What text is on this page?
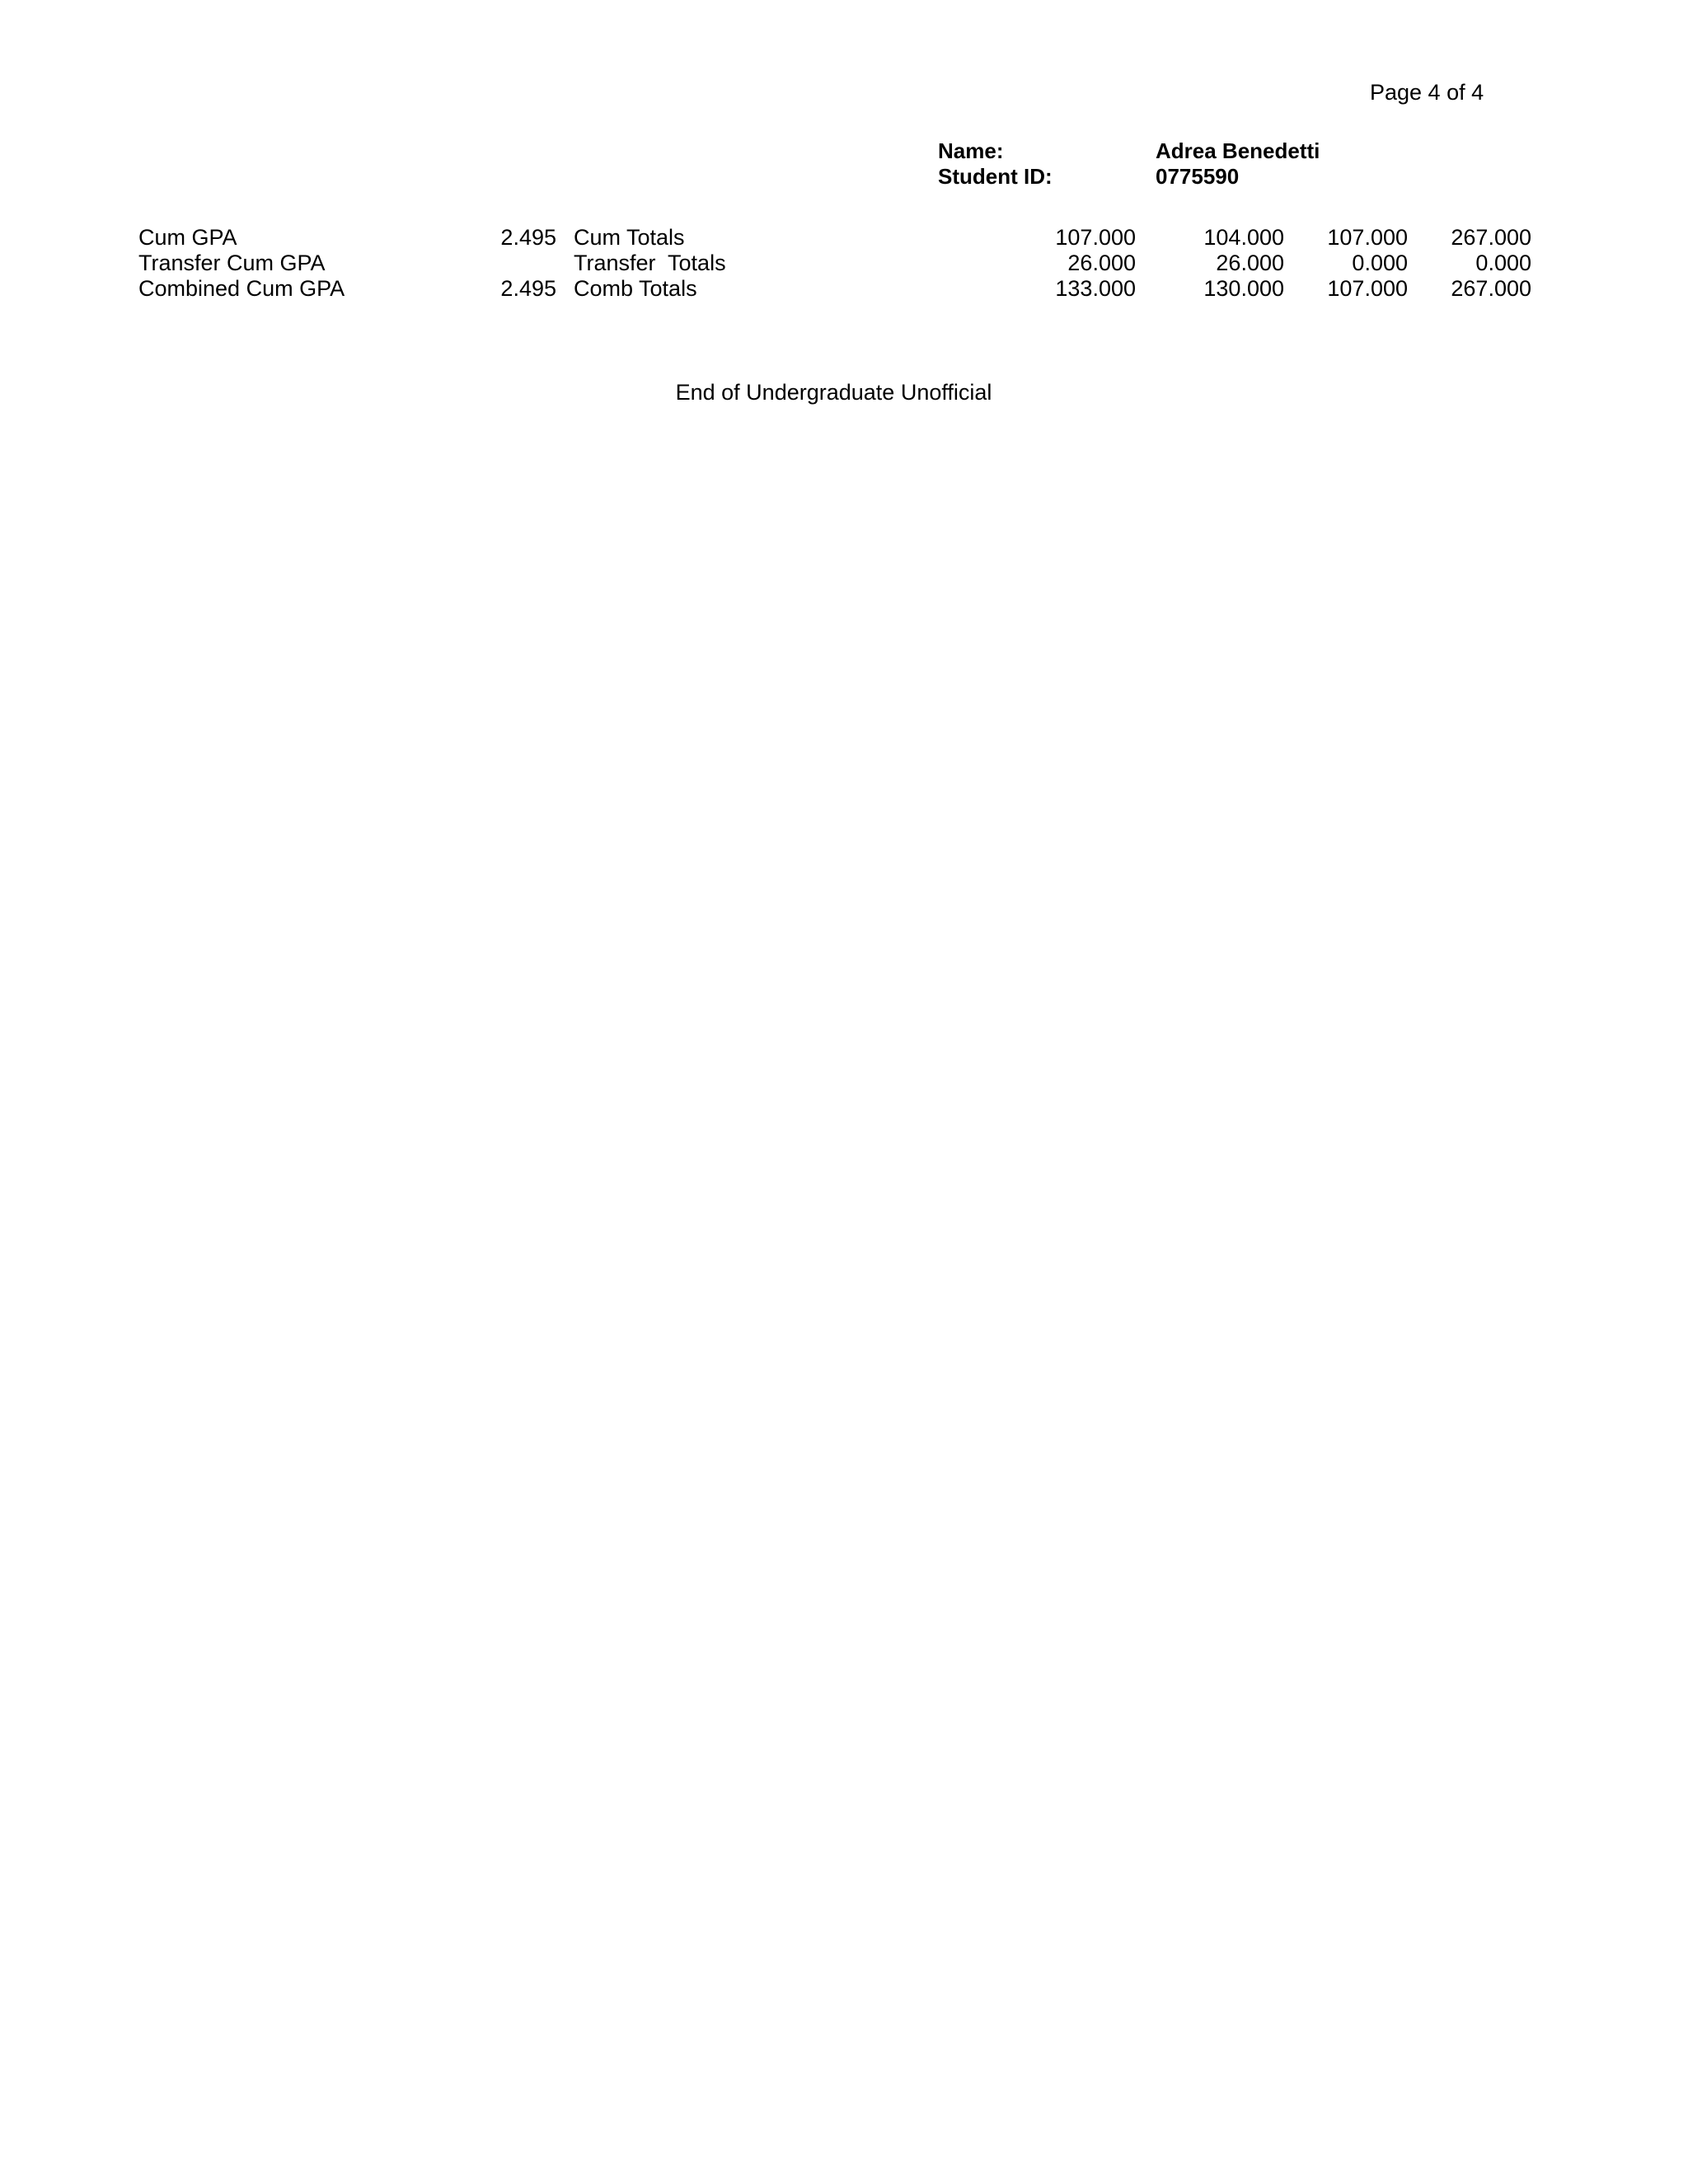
Page 4 of 4
Name:	Adrea Benedetti
Student ID:	0775590
Cum GPA	2.495 Cum Totals	107.000	104.000 107.000 267.000
Transfer Cum GPA	Transfer  Totals	26.000	26.000	0.000	0.000
Combined Cum GPA	2.495 Comb Totals	133.000	130.000 107.000 267.000

End of Undergraduate Unofficial
